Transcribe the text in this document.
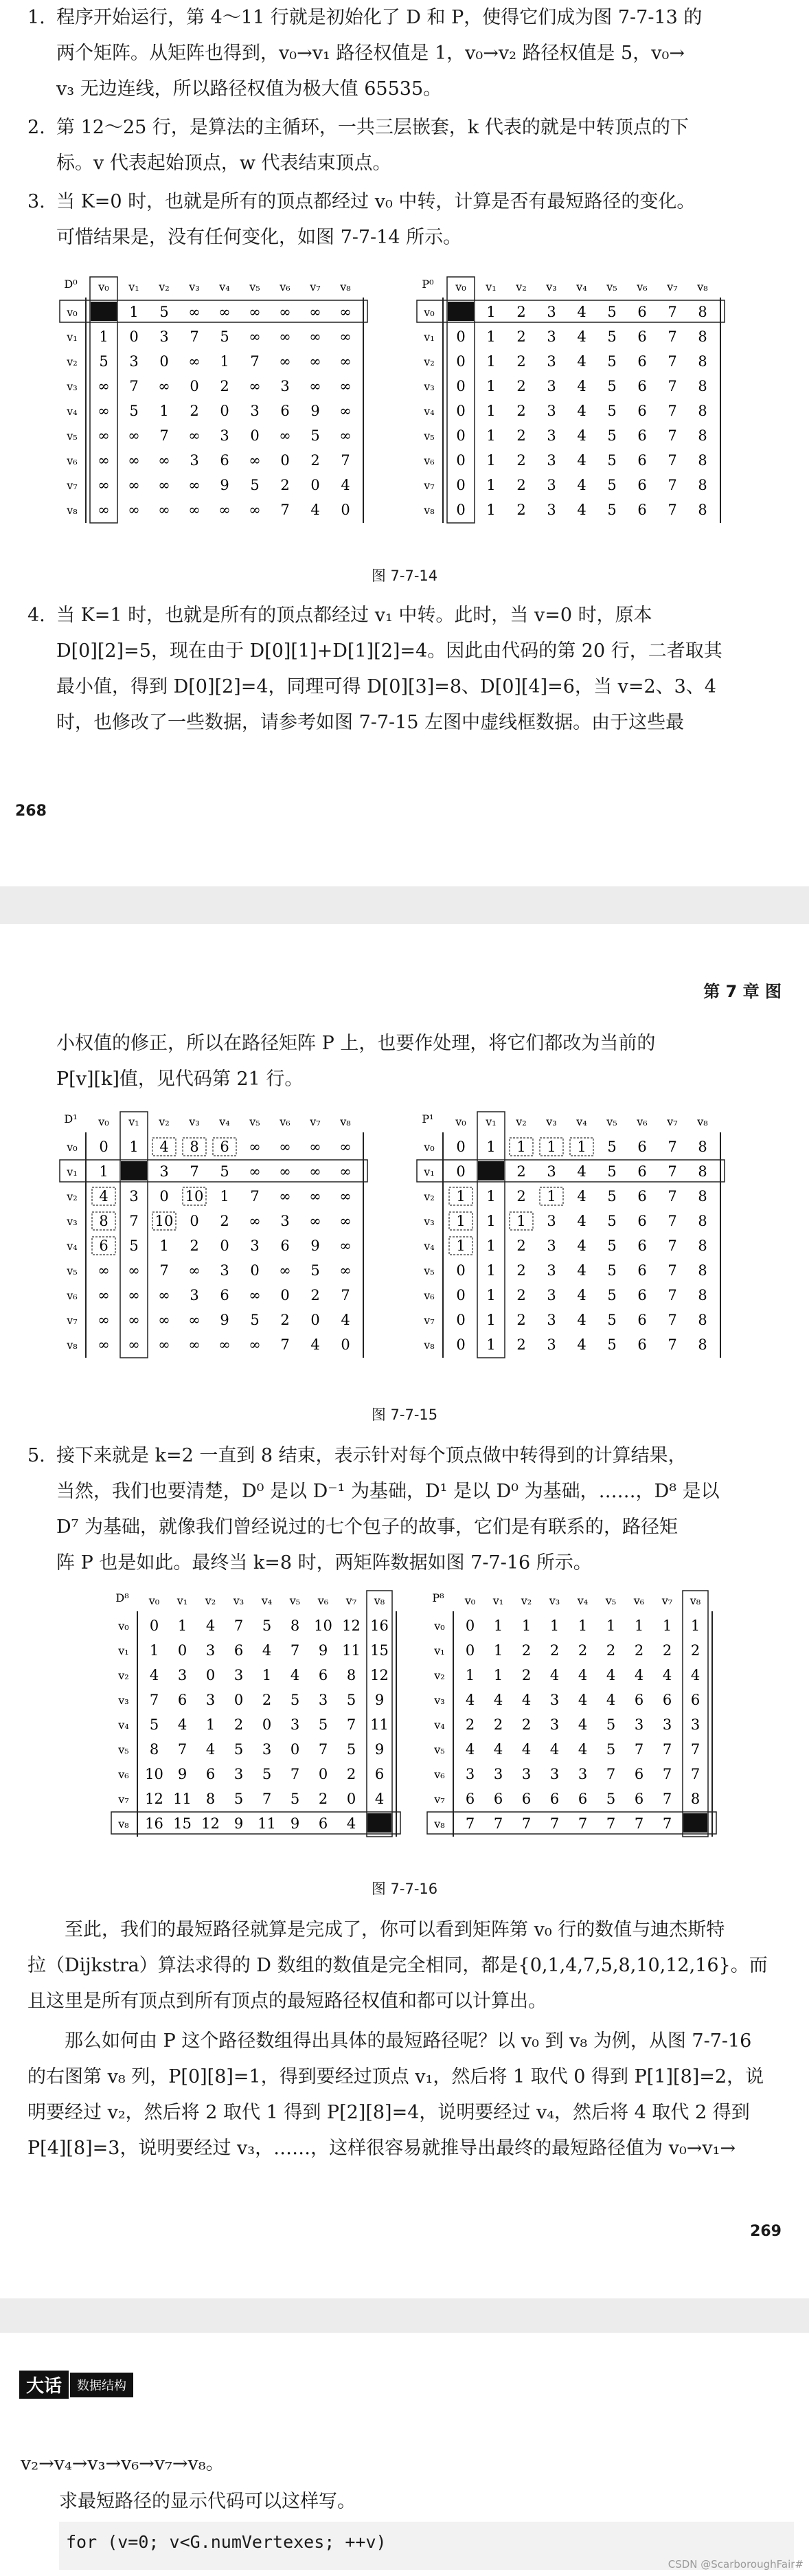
1. 程序开始运行，第 4～11 行就是初始化了 D 和 P，使得它们成为图 7-7-13 的
两个矩阵。从矩阵也得到，v₀→v₁ 路径权值是 1，v₀→v₂ 路径权值是 5，v₀→
v₃ 无边连线，所以路径权值为极大值 65535。
2. 第 12～25 行，是算法的主循环，一共三层嵌套，k 代表的就是中转顶点的下
标。v 代表起始顶点，w 代表结束顶点。
3. 当 K=0 时，也就是所有的顶点都经过 v₀ 中转，计算是否有最短路径的变化。
可惜结果是，没有任何变化，如图 7-7-14 所示。
D⁰ v₀ v₁ v₂ v₃ v₄ v₅ v₆ v₇ v₈
v₀	1 5 ∞ ∞ ∞ ∞ ∞ ∞
v₁ 1 0 3 7 5 ∞ ∞ ∞ ∞
v₂ 5 3 0 ∞ 1 7 ∞ ∞ ∞
v₃ ∞ 7 ∞ 0 2 ∞ 3 ∞ ∞
v₄ ∞ 5 1 2 0 3 6 9 ∞
v₅ ∞ ∞ 7 ∞ 3 0 ∞ 5 ∞
v₆ ∞ ∞ ∞ 3 6 ∞ 0 2 7
v₇ ∞ ∞ ∞ ∞ 9 5 2 0 4
v₈ ∞ ∞ ∞ ∞ ∞ ∞ 7 4 0
P⁰ v₀ v₁ v₂ v₃ v₄ v₅ v₆ v₇ v₈
v₀	1 2 3 4 5 6 7 8
v₁ 0 1 2 3 4 5 6 7 8
v₂ 0 1 2 3 4 5 6 7 8
v₃ 0 1 2 3 4 5 6 7 8
v₄ 0 1 2 3 4 5 6 7 8
v₅ 0 1 2 3 4 5 6 7 8
v₆ 0 1 2 3 4 5 6 7 8
v₇ 0 1 2 3 4 5 6 7 8
v₈ 0 1 2 3 4 5 6 7 8
图 7-7-14
4. 当 K=1 时，也就是所有的顶点都经过 v₁ 中转。此时，当 v=0 时，原本
D[0][2]=5，现在由于 D[0][1]+D[1][2]=4。因此由代码的第 20 行，二者取其
最小值，得到 D[0][2]=4，同理可得 D[0][3]=8、D[0][4]=6，当 v=2、3、4
时，也修改了一些数据，请参考如图 7-7-15 左图中虚线框数据。由于这些最
268
第 7 章 图
小权值的修正，所以在路径矩阵 P 上，也要作处理，将它们都改为当前的
P[v][k]值，见代码第 21 行。
D¹ v₀ v₁ v₂ v₃ v₄ v₅ v₆ v₇ v₈
v₀ 0 1 4 8 6 ∞ ∞ ∞ ∞
v₁ 1	3 7 5 ∞ ∞ ∞ ∞
v₂ 4 3 0 10 1 7 ∞ ∞ ∞
v₃ 8 7 10 0 2 ∞ 3 ∞ ∞
v₄ 6 5 1 2 0 3 6 9 ∞
v₅ ∞ ∞ 7 ∞ 3 0 ∞ 5 ∞
v₆ ∞ ∞ ∞ 3 6 ∞ 0 2 7
v₇ ∞ ∞ ∞ ∞ 9 5 2 0 4
v₈ ∞ ∞ ∞ ∞ ∞ ∞ 7 4 0
P¹ v₀ v₁ v₂ v₃ v₄ v₅ v₆ v₇ v₈
v₀ 0 1 1 1 1 5 6 7 8
v₁ 0	2 3 4 5 6 7 8
v₂ 1 1 2 1 4 5 6 7 8
v₃ 1 1 1 3 4 5 6 7 8
v₄ 1 1 2 3 4 5 6 7 8
v₅ 0 1 2 3 4 5 6 7 8
v₆ 0 1 2 3 4 5 6 7 8
v₇ 0 1 2 3 4 5 6 7 8
v₈ 0 1 2 3 4 5 6 7 8
图 7-7-15
5. 接下来就是 k=2 一直到 8 结束，表示针对每个顶点做中转得到的计算结果，
当然，我们也要清楚，D⁰ 是以 D⁻¹ 为基础，D¹ 是以 D⁰ 为基础，……，D⁸ 是以
D⁷ 为基础，就像我们曾经说过的七个包子的故事，它们是有联系的，路径矩
阵 P 也是如此。最终当 k=8 时，两矩阵数据如图 7-7-16 所示。
D⁸ v₀ v₁ v₂ v₃ v₄ v₅ v₆ v₇ v₈
v₀ 0 1 4 7 5 8 10 12 16
v₁ 1 0 3 6 4 7 9 11 15
v₂ 4 3 0 3 1 4 6 8 12
v₃ 7 6 3 0 2 5 3 5 9
v₄ 5 4 1 2 0 3 5 7 11
v₅ 8 7 4 5 3 0 7 5 9
v₆ 10 9 6 3 5 7 0 2 6
v₇ 12 11 8 5 7 5 2 0 4
v₈ 16 15 12 9 11 9 6 4
P⁸ v₀ v₁ v₂ v₃ v₄ v₅ v₆ v₇ v₈
v₀ 0 1 1 1 1 1 1 1 1
v₁ 0 1 2 2 2 2 2 2 2
v₂ 1 1 2 4 4 4 4 4 4
v₃ 4 4 4 3 4 4 6 6 6
v₄ 2 2 2 3 4 5 3 3 3
v₅ 4 4 4 4 4 5 7 7 7
v₆ 3 3 3 3 3 7 6 7 7
v₇ 6 6 6 6 6 5 6 7 8
v₈ 7 7 7 7 7 7 7 7
图 7-7-16
至此，我们的最短路径就算是完成了，你可以看到矩阵第 v₀ 行的数值与迪杰斯特
拉（Dijkstra）算法求得的 D 数组的数值是完全相同，都是{0,1,4,7,5,8,10,12,16}。而
且这里是所有顶点到所有顶点的最短路径权值和都可以计算出。
那么如何由 P 这个路径数组得出具体的最短路径呢？以 v₀ 到 v₈ 为例，从图 7-7-16
的右图第 v₈ 列，P[0][8]=1，得到要经过顶点 v₁，然后将 1 取代 0 得到 P[1][8]=2，说
明要经过 v₂，然后将 2 取代 1 得到 P[2][8]=4，说明要经过 v₄，然后将 4 取代 2 得到
P[4][8]=3，说明要经过 v₃，……，这样很容易就推导出最终的最短路径值为 v₀→v₁→
269
大话	数据结构
v₂→v₄→v₃→v₆→v₇→v₈。
求最短路径的显示代码可以这样写。
for (v=0; v<G.numVertexes; ++v)
CSDN @ScarboroughFair#
